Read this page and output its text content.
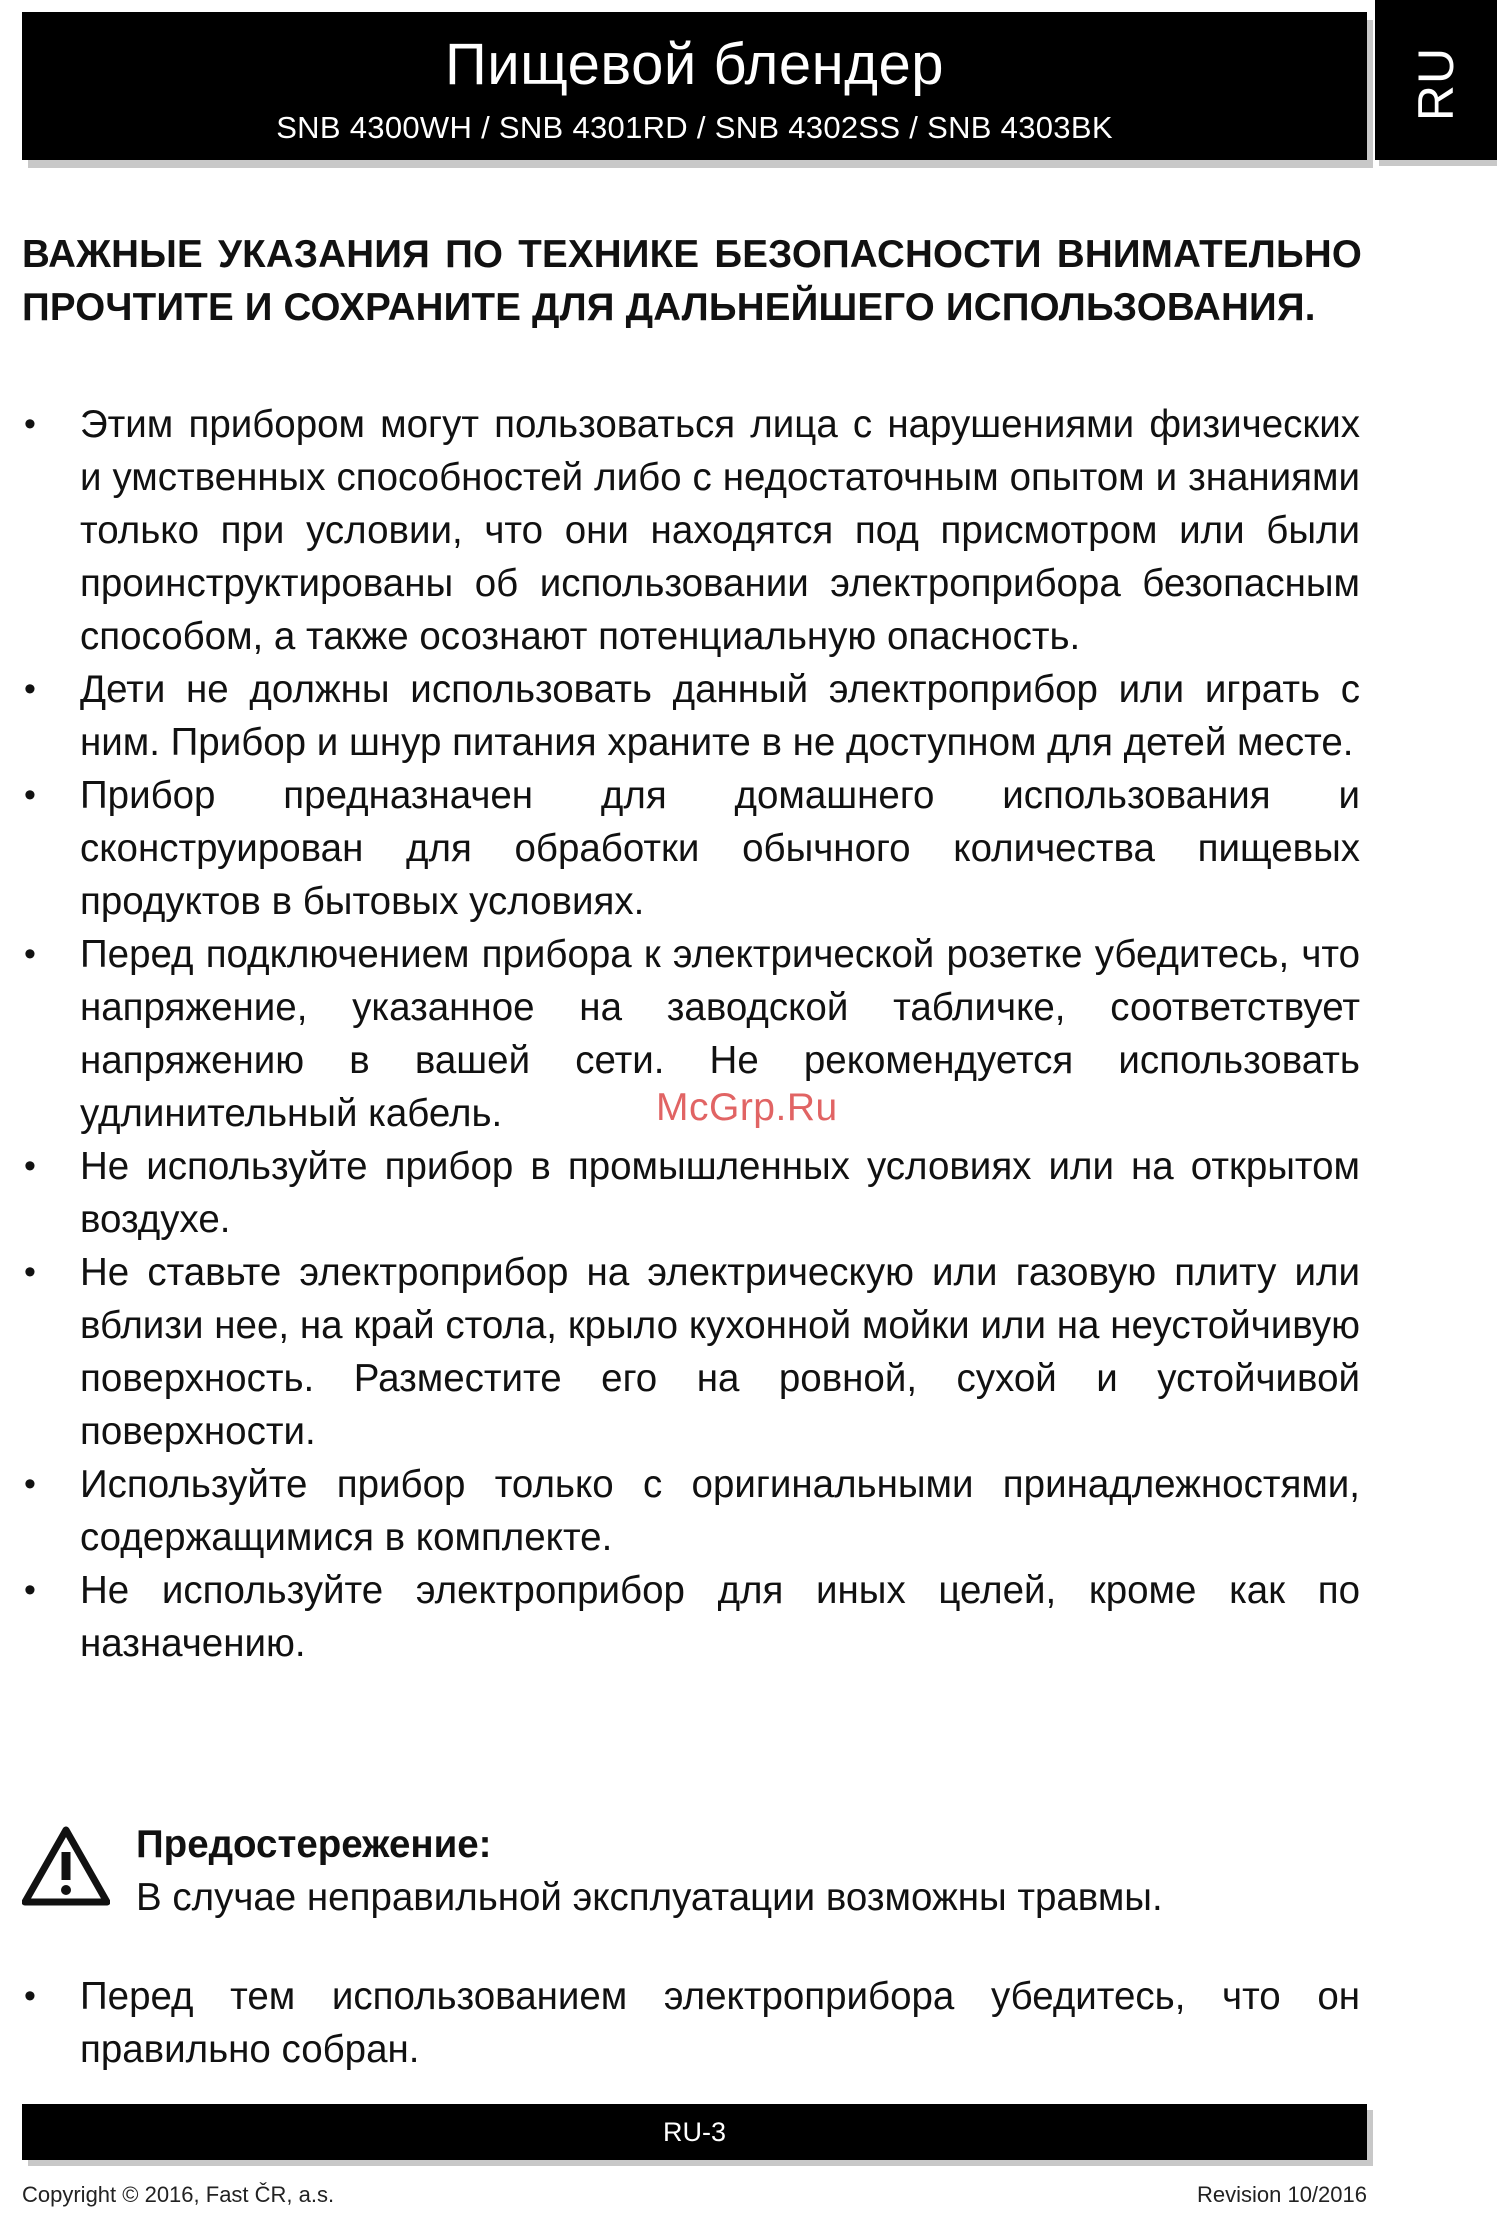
Пищевой блендер
SNB 4300WH / SNB 4301RD / SNB 4302SS / SNB 4303BK
RU
ВАЖНЫЕ УКАЗАНИЯ ПО ТЕХНИКЕ БЕЗОПАСНОСТИ ВНИМАТЕЛЬНО ПРОЧТИТЕ И СОХРАНИТЕ ДЛЯ ДАЛЬНЕЙШЕГО ИСПОЛЬЗОВАНИЯ.
• Этим прибором могут пользоваться лица с нарушениями физических и умственных способностей либо с недостаточным опытом и знаниями только при условии, что они находятся под присмотром или были проинструктированы об использовании электроприбора безопасным способом, а также осознают потенциальную опасность.
• Дети не должны использовать данный электроприбор или играть с ним. Прибор и шнур питания храните в не доступном для детей месте.
• Прибор предназначен для домашнего использования и сконструирован для обработки обычного количества пищевых продуктов в бытовых условиях.
• Перед подключением прибора к электрической розетке убедитесь, что напряжение, указанное на заводской табличке, соответствует напряжению в вашей сети. Не рекомендуется использовать удлинительный кабель.
• Не используйте прибор в промышленных условиях или на открытом воздухе.
• Не ставьте электроприбор на электрическую или газовую плиту или вблизи нее, на край стола, крыло кухонной мойки или на неустойчивую поверхность. Разместите его на ровной, сухой и устойчивой поверхности.
• Используйте прибор только с оригинальными принадлежностями, содержащимися в комплекте.
• Не используйте электроприбор для иных целей, кроме как по назначению.
Предостережение:
В случае неправильной эксплуатации возможны травмы.
• Перед тем использованием электроприбора убедитесь, что он правильно собран.
McGrp.Ru
RU-3
Copyright © 2016, Fast ČR, a.s.	Revision 10/2016
